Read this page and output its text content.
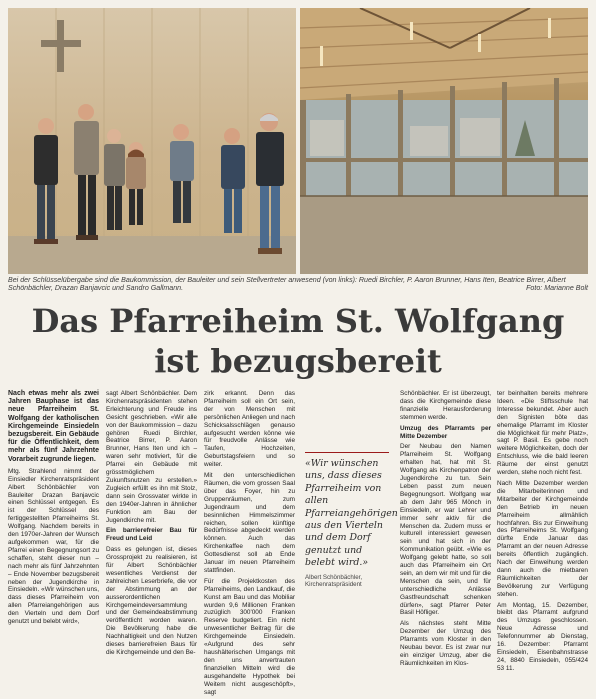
Bei der Schlüsselübergabe sind die Baukommission, der Bauleiter und sein Stellvertreter anwesend (von links): Ruedi Birchler, P. Aaron Brunner, Hans Iten, Beatrice Birrer, Albert Schönbächler, Drazan Banjavcic und Sandro Gallmann.	Foto: Marianne Bolt
Das Pfarreiheim St. Wolfgang
ist bezugsbereit

Nach etwas mehr als zwei Jahren Bauphase ist das neue Pfarreiheim St. Wolfgang der katholischen Kirchgemeinde Einsiedeln bezugsbereit. Ein Gebäude für die Öffentlichkeit, dem mehr als fünf Jahrzehnte Vorarbeit zugrunde liegen.

Mtg. Strahlend nimmt der Einsiedler Kirchenratspräsident Albert Schönbächler von Bauleiter Drazan Banjavcic einen Schlüssel entgegen. Es ist der Schlüssel des fertiggestellten Pfarreiheims St. Wolfgang. Nachdem bereits in den 1970er-Jahren der Wunsch aufgekommen war, für die Pfarrei einen Begegnungsort zu schaffen, steht dieser nun – nach mehr als fünf Jahrzehnten – Ende November bezugsbereit neben der Jugendkirche in Einsiedeln. «Wir wünschen uns, dass dieses Pfarreiheim von allen Pfarreiangehörigen aus den Vierteln und dem Dorf genutzt und belebt wird»,

sagt Albert Schönbächler. Dem Kirchenratspräsidenten stehen Erleichterung und Freude ins Gesicht geschrieben. «Wir alle von der Baukommission – dazu gehören Ruedi Birchler, Beatrice Birrer, P. Aaron Brunner, Hans Iten und ich – waren sehr motiviert, für die Pfarrei ein Gebäude mit grösstmöglichem Zukunftsnutzen zu erstellen.» Zugleich erfüllt es ihn mit Stolz, dann sein Grossvater wirkte in den 1940er-Jahren in ähnlicher Funktion am Bau der Jugendkirche mit.

Ein barrierefreier Bau für Freud und Leid

Dass es gelungen ist, dieses Grossprojekt zu realisieren, ist für Albert Schönbächler wesentliches Verdienst der zahlreichen Leserbriefe, die vor der Abstimmung an der ausserordentlichen Kirchgemeindeversammlung und der Gemeindeabstimmung veröffentlicht worden waren. Die Bevölkerung habe die Nachhaltigkeit und den Nutzen dieses barrierefreien Baus für die Kirchgemeinde und den Be-

zirk erkannt. Denn das Pfarreiheim soll ein Ort sein, der von Menschen mit persönlichen Anliegen und nach Schicksalsschlägen genauso aufgesucht werden könne wie für freudvolle Anlässe wie Taufen, Hochzeiten, Geburtstagsfeiern und so weiter.

Mit den unterschiedlichen Räumen, die vom grossen Saal über das Foyer, hin zu Gruppenräumen, zum Jugendraum und dem besinnlichen Himmelszimmer reichen, sollen künftige Bedürfnisse abgedeckt werden können. Auch das Kirchenkaffee nach dem Gottesdienst soll ab Ende Januar im neuen Pfarreiheim stattfinden.

Für die Projektkosten des Pfarreiheims, den Landkauf, die Kunst am Bau und das Mobiliar wurden 9,6 Millionen Franken zuzüglich 300'000 Franken Reserve budgetiert. Ein nicht unwesentlicher Beitrag für die Kirchgemeinde Einsiedeln. «Aufgrund des sehr haushälterischen Umgangs mit den uns anvertrauten finanziellen Mitteln wird die ausgehandelte Hypothek bei Weitem nicht ausgeschöpft», sagt

«Wir wünschen uns, dass dieses Pfarreiheim von allen Pfarreiangehörigen aus den Vierteln und dem Dorf genutzt und belebt wird.»
Albert Schönbächler, Kirchenratspräsident

Schönbächler. Er ist überzeugt, dass die Kirchgemeinde diese finanzielle Herausforderung stemmen werde.

Umzug des Pfarramts per Mitte Dezember

Der Neubau den Namen Pfarreiheim St. Wolfgang erhalten hat, hat mit St. Wolfgang als Kirchenpatron der Jugendkirche zu tun. Sein Leben passt zum neuen Begegnungsort. Wolfgang war ab dem Jahr 965 Mönch in Einsiedeln, er war Lehrer und immer sehr aktiv für die Menschen da. Zudem muss er kulturell interessiert gewesen sein und hat sich in der Kommunikation geübt. «Wie es Wolfgang gelebt hatte, so soll auch das Pfarreiheim ein Ort sein, an dem wir mit und für die Menschen da sein, und für unterschiedliche Anlässe Gastfreundschaft schenken dürfen», sagt Pfarrer Peter Basil Höfliger.

Als nächstes steht Mitte Dezember der Umzug des Pfarramts vom Kloster in den Neubau bevor. Es ist zwar nur ein einziger Umzug, aber die Räumlichkeiten im Klos-

ter beinhalten bereits mehrere Ideen. «Die Stiftsschule hat Interesse bekundet. Aber auch den Signisten böte das ehemalige Pfarramt im Kloster die Möglichkeit für mehr Platz», sagt P. Basil. Es gebe noch weitere Möglichkeiten, doch der Entschluss, wie die bald leeren Räume der einst genutzt werden, stehe noch nicht fest.

Nach Mitte Dezember werden die Mitarbeiterinnen und Mitarbeiter der Kirchgemeinde den Betrieb im neuen Pfarreiheim allmählich hochfahren. Bis zur Einweihung des Pfarreiheims St. Wolfgang dürfte Ende Januar das Pfarramt an der neuen Adresse bereits öffentlich zugänglich. Nach der Einweihung werden dann auch die mietbaren Räumlichkeiten der Bevölkerung zur Verfügung stehen.

Am Montag, 15. Dezember, bleibt das Pfarramt aufgrund des Umzugs geschlossen. Neue Adresse und Telefonnummer ab Dienstag, 16. Dezember: Pfarramt Einsiedeln, Eisenbahnstrasse 24, 8840 Einsiedeln, 055/424 53 11.
